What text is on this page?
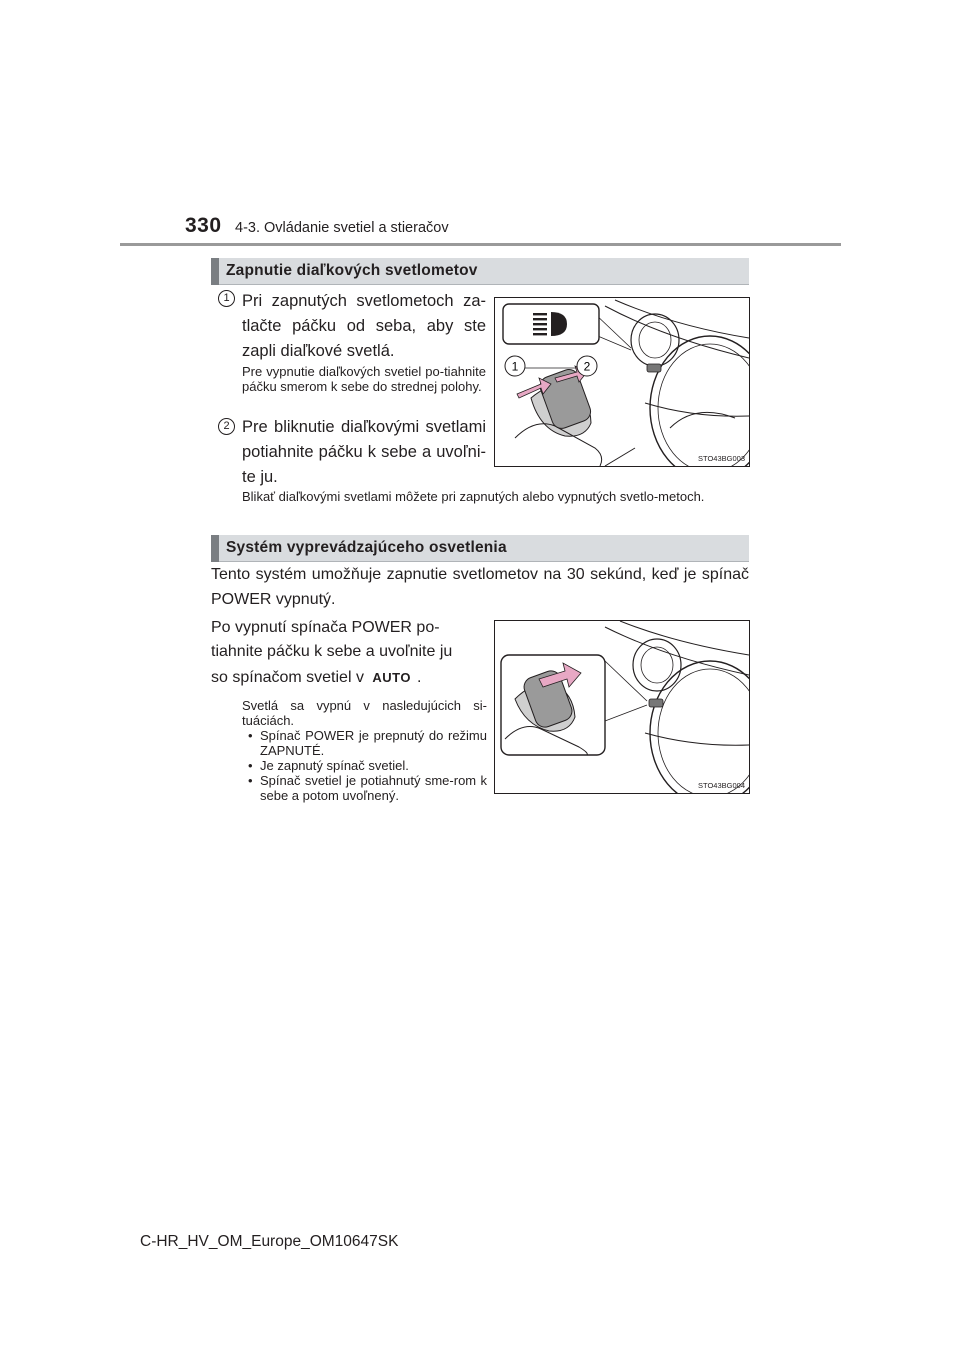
330 4-3. Ovládanie svetiel a stieračov
Zapnutie diaľkových svetlometov
1 Pri zapnutých svetlometoch za-tlačte páčku od seba, aby ste zapli diaľkové svetlá.
Pre vypnutie diaľkových svetiel po-tiahnite páčku smerom k sebe do strednej polohy.
2 Pre bliknutie diaľkovými svetlami potiahnite páčku k sebe a uvoľni-te ju.
Blikať diaľkovými svetlami môžete pri zapnutých alebo vypnutých svetlo-metoch.
1	2
STO43BG003
Systém vyprevádzajúceho osvetlenia
Tento systém umožňuje zapnutie svetlometov na 30 sekúnd, keď je spínač POWER vypnutý.
Po vypnutí spínača POWER po-
tiahnite páčku k sebe a uvoľnite ju
so spínačom svetiel v AUTO .
Svetlá sa vypnú v nasledujúcich si-tuáciách.
• Spínač POWER je prepnutý do režimu ZAPNUTÉ.
• Je zapnutý spínač svetiel.
• Spínač svetiel je potiahnutý sme-rom k sebe a potom uvoľnený.
STO43BG004
C-HR_HV_OM_Europe_OM10647SK
